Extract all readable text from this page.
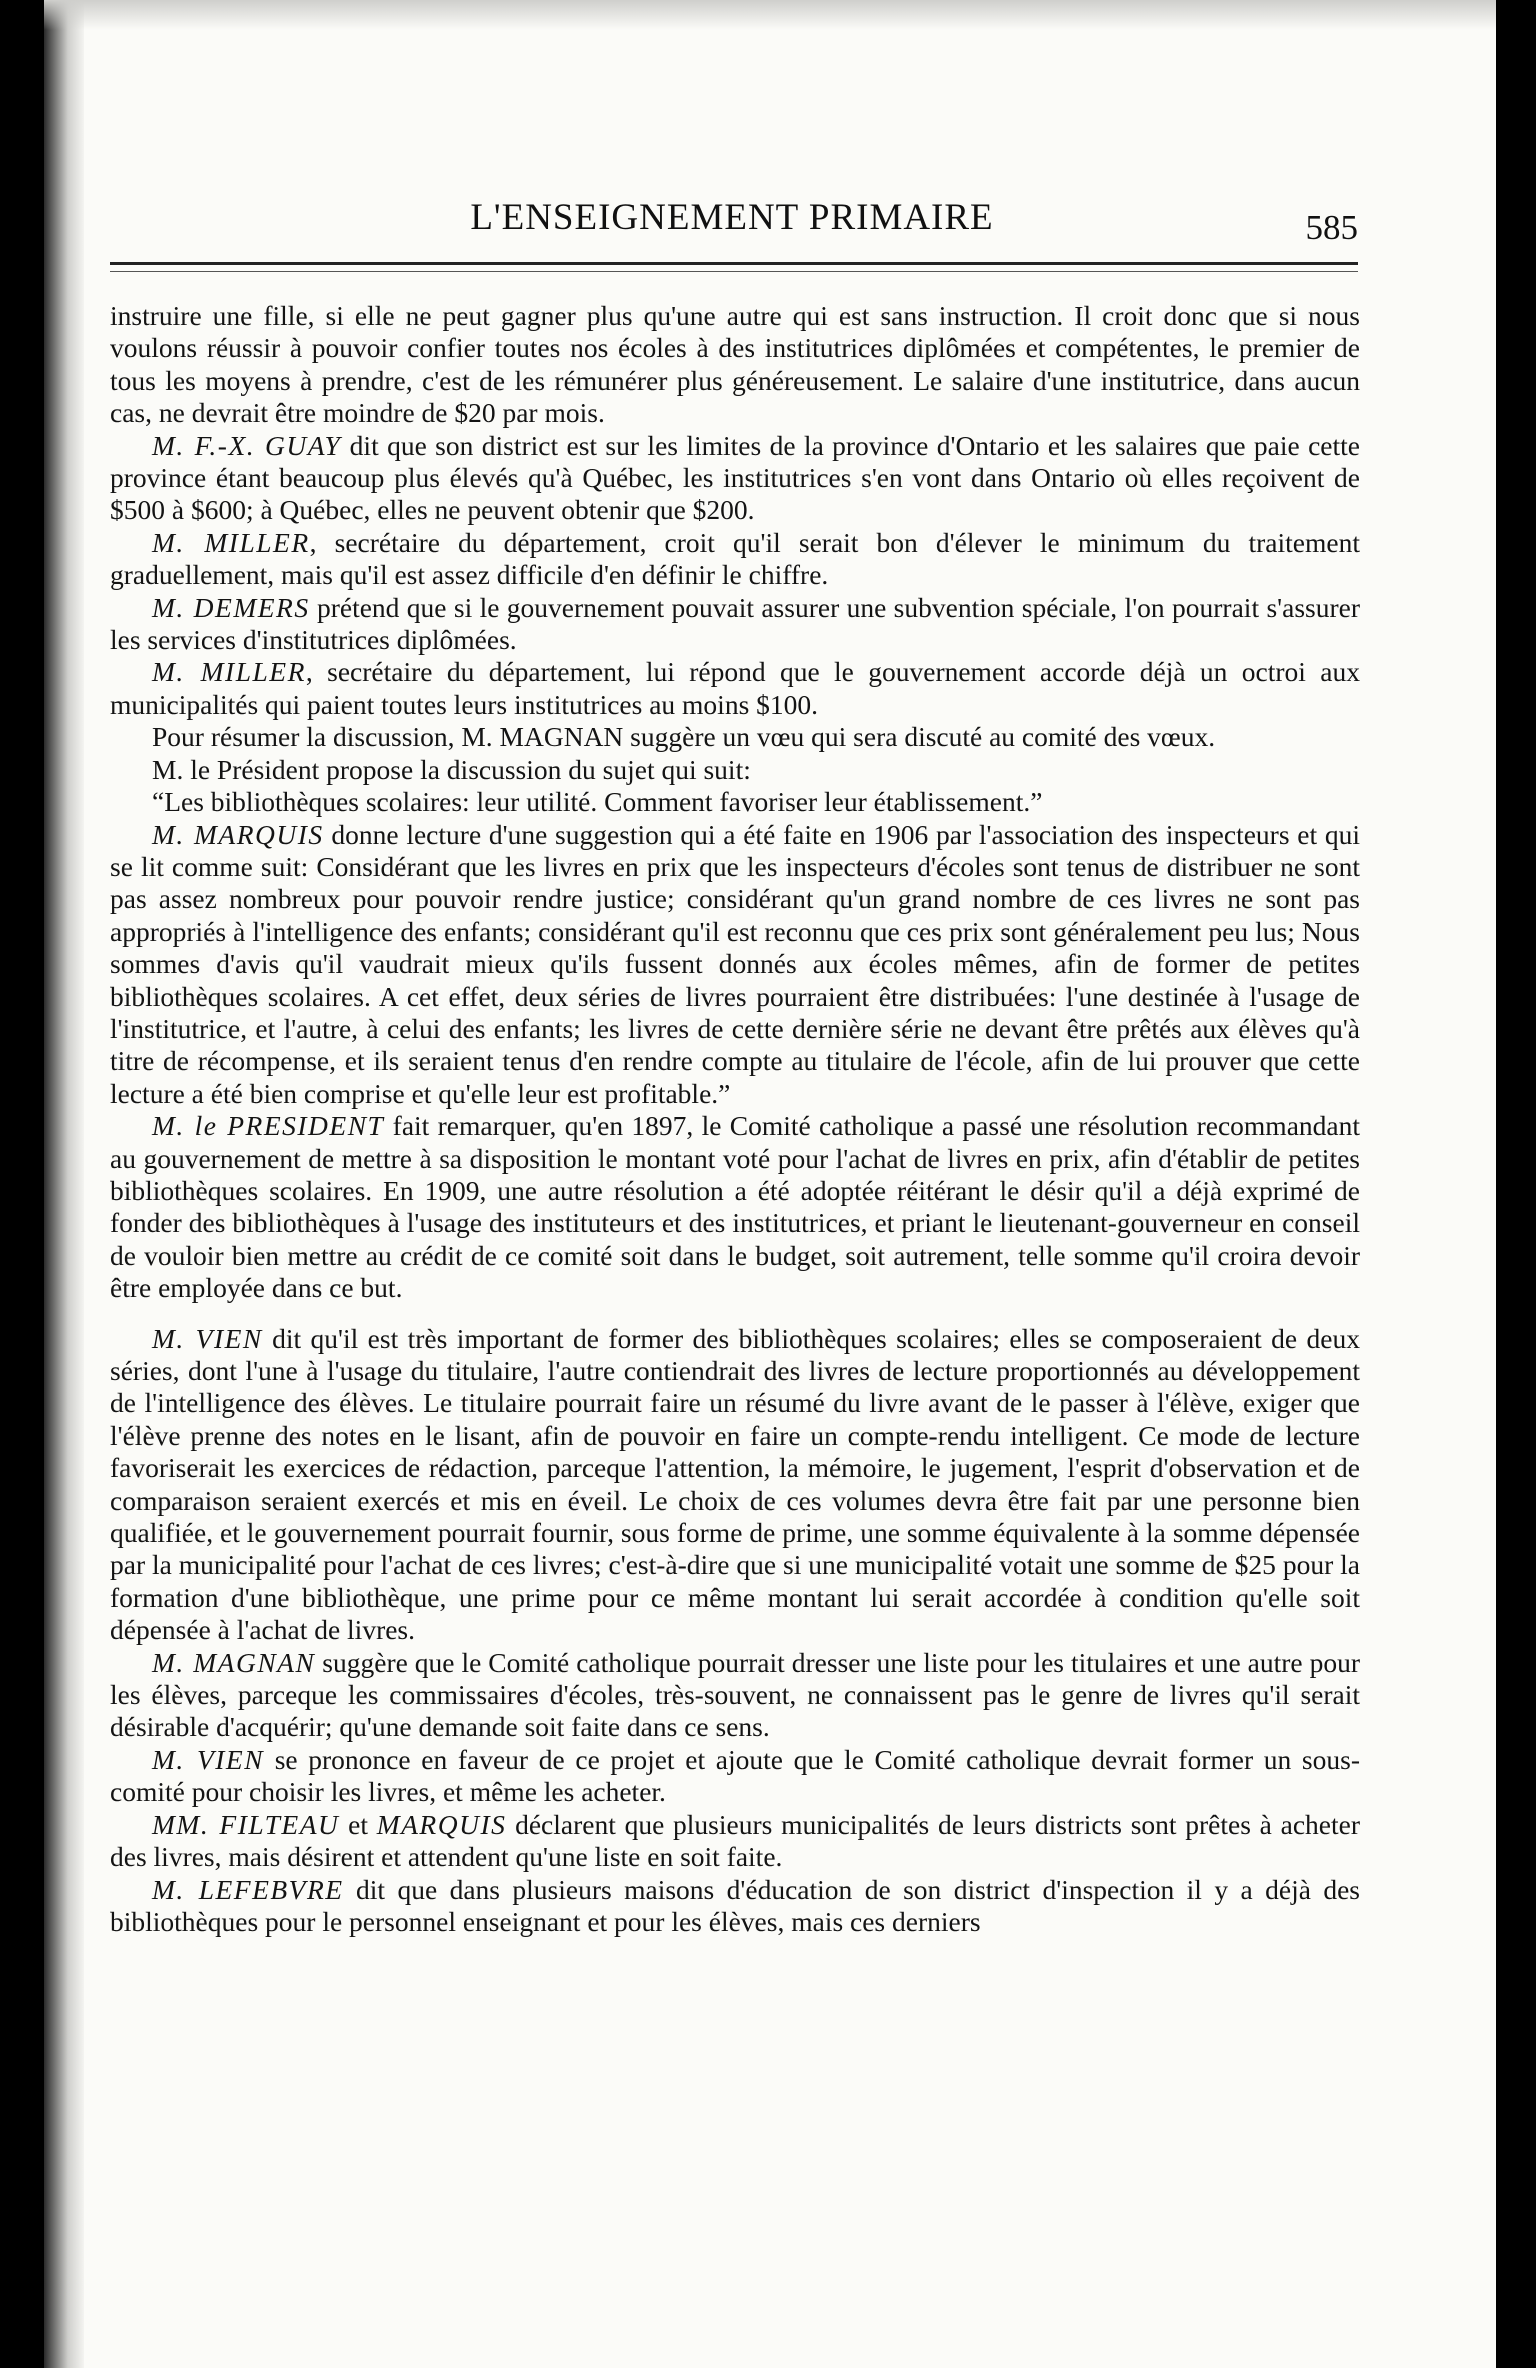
L'ENSEIGNEMENT PRIMAIRE	585

instruire une fille, si elle ne peut gagner plus qu'une autre qui est sans instruction. Il croit donc que si nous voulons réussir à pouvoir confier toutes nos écoles à des institutrices diplômées et compétentes, le premier de tous les moyens à prendre, c'est de les rémunérer plus généreusement. Le salaire d'une institutrice, dans aucun cas, ne devrait être moindre de $20 par mois.

M. F.-X. GUAY dit que son district est sur les limites de la province d'Ontario et les salaires que paie cette province étant beaucoup plus élevés qu'à Québec, les institutrices s'en vont dans Ontario où elles reçoivent de $500 à $600; à Québec, elles ne peuvent obtenir que $200.

M. MILLER, secrétaire du département, croit qu'il serait bon d'élever le minimum du traitement graduellement, mais qu'il est assez difficile d'en définir le chiffre.

M. DEMERS prétend que si le gouvernement pouvait assurer une subvention spéciale, l'on pourrait s'assurer les services d'institutrices diplômées.

M. MILLER, secrétaire du département, lui répond que le gouvernement accorde déjà un octroi aux municipalités qui paient toutes leurs institutrices au moins $100.

Pour résumer la discussion, M. MAGNAN suggère un vœu qui sera discuté au comité des vœux.

M. le Président propose la discussion du sujet qui suit:

“Les bibliothèques scolaires: leur utilité. Comment favoriser leur établissement.”

M. MARQUIS donne lecture d'une suggestion qui a été faite en 1906 par l'association des inspecteurs et qui se lit comme suit: Considérant que les livres en prix que les inspecteurs d'écoles sont tenus de distribuer ne sont pas assez nombreux pour pouvoir rendre justice; considérant qu'un grand nombre de ces livres ne sont pas appropriés à l'intelligence des enfants; considérant qu'il est reconnu que ces prix sont généralement peu lus; Nous sommes d'avis qu'il vaudrait mieux qu'ils fussent donnés aux écoles mêmes, afin de former de petites bibliothèques scolaires. A cet effet, deux séries de livres pourraient être distribuées: l'une destinée à l'usage de l'institutrice, et l'autre, à celui des enfants; les livres de cette dernière série ne devant être prêtés aux élèves qu'à titre de récompense, et ils seraient tenus d'en rendre compte au titulaire de l'école, afin de lui prouver que cette lecture a été bien comprise et qu'elle leur est profitable.”

M. le PRESIDENT fait remarquer, qu'en 1897, le Comité catholique a passé une résolution recommandant au gouvernement de mettre à sa disposition le montant voté pour l'achat de livres en prix, afin d'établir de petites bibliothèques scolaires. En 1909, une autre résolution a été adoptée réitérant le désir qu'il a déjà exprimé de fonder des bibliothèques à l'usage des instituteurs et des institutrices, et priant le lieutenant-gouverneur en conseil de vouloir bien mettre au crédit de ce comité soit dans le budget, soit autrement, telle somme qu'il croira devoir être employée dans ce but.

M. VIEN dit qu'il est très important de former des bibliothèques scolaires; elles se composeraient de deux séries, dont l'une à l'usage du titulaire, l'autre contiendrait des livres de lecture proportionnés au développement de l'intelligence des élèves. Le titulaire pourrait faire un résumé du livre avant de le passer à l'élève, exiger que l'élève prenne des notes en le lisant, afin de pouvoir en faire un compte-rendu intelligent. Ce mode de lecture favoriserait les exercices de rédaction, parceque l'attention, la mémoire, le jugement, l'esprit d'observation et de comparaison seraient exercés et mis en éveil. Le choix de ces volumes devra être fait par une personne bien qualifiée, et le gouvernement pourrait fournir, sous forme de prime, une somme équivalente à la somme dépensée par la municipalité pour l'achat de ces livres; c'est-à-dire que si une municipalité votait une somme de $25 pour la formation d'une bibliothèque, une prime pour ce même montant lui serait accordée à condition qu'elle soit dépensée à l'achat de livres.

M. MAGNAN suggère que le Comité catholique pourrait dresser une liste pour les titulaires et une autre pour les élèves, parceque les commissaires d'écoles, très-souvent, ne connaissent pas le genre de livres qu'il serait désirable d'acquérir; qu'une demande soit faite dans ce sens.

M. VIEN se prononce en faveur de ce projet et ajoute que le Comité catholique devrait former un sous-comité pour choisir les livres, et même les acheter.

MM. FILTEAU et MARQUIS déclarent que plusieurs municipalités de leurs districts sont prêtes à acheter des livres, mais désirent et attendent qu'une liste en soit faite.

M. LEFEBVRE dit que dans plusieurs maisons d'éducation de son district d'inspection il y a déjà des bibliothèques pour le personnel enseignant et pour les élèves, mais ces derniers
